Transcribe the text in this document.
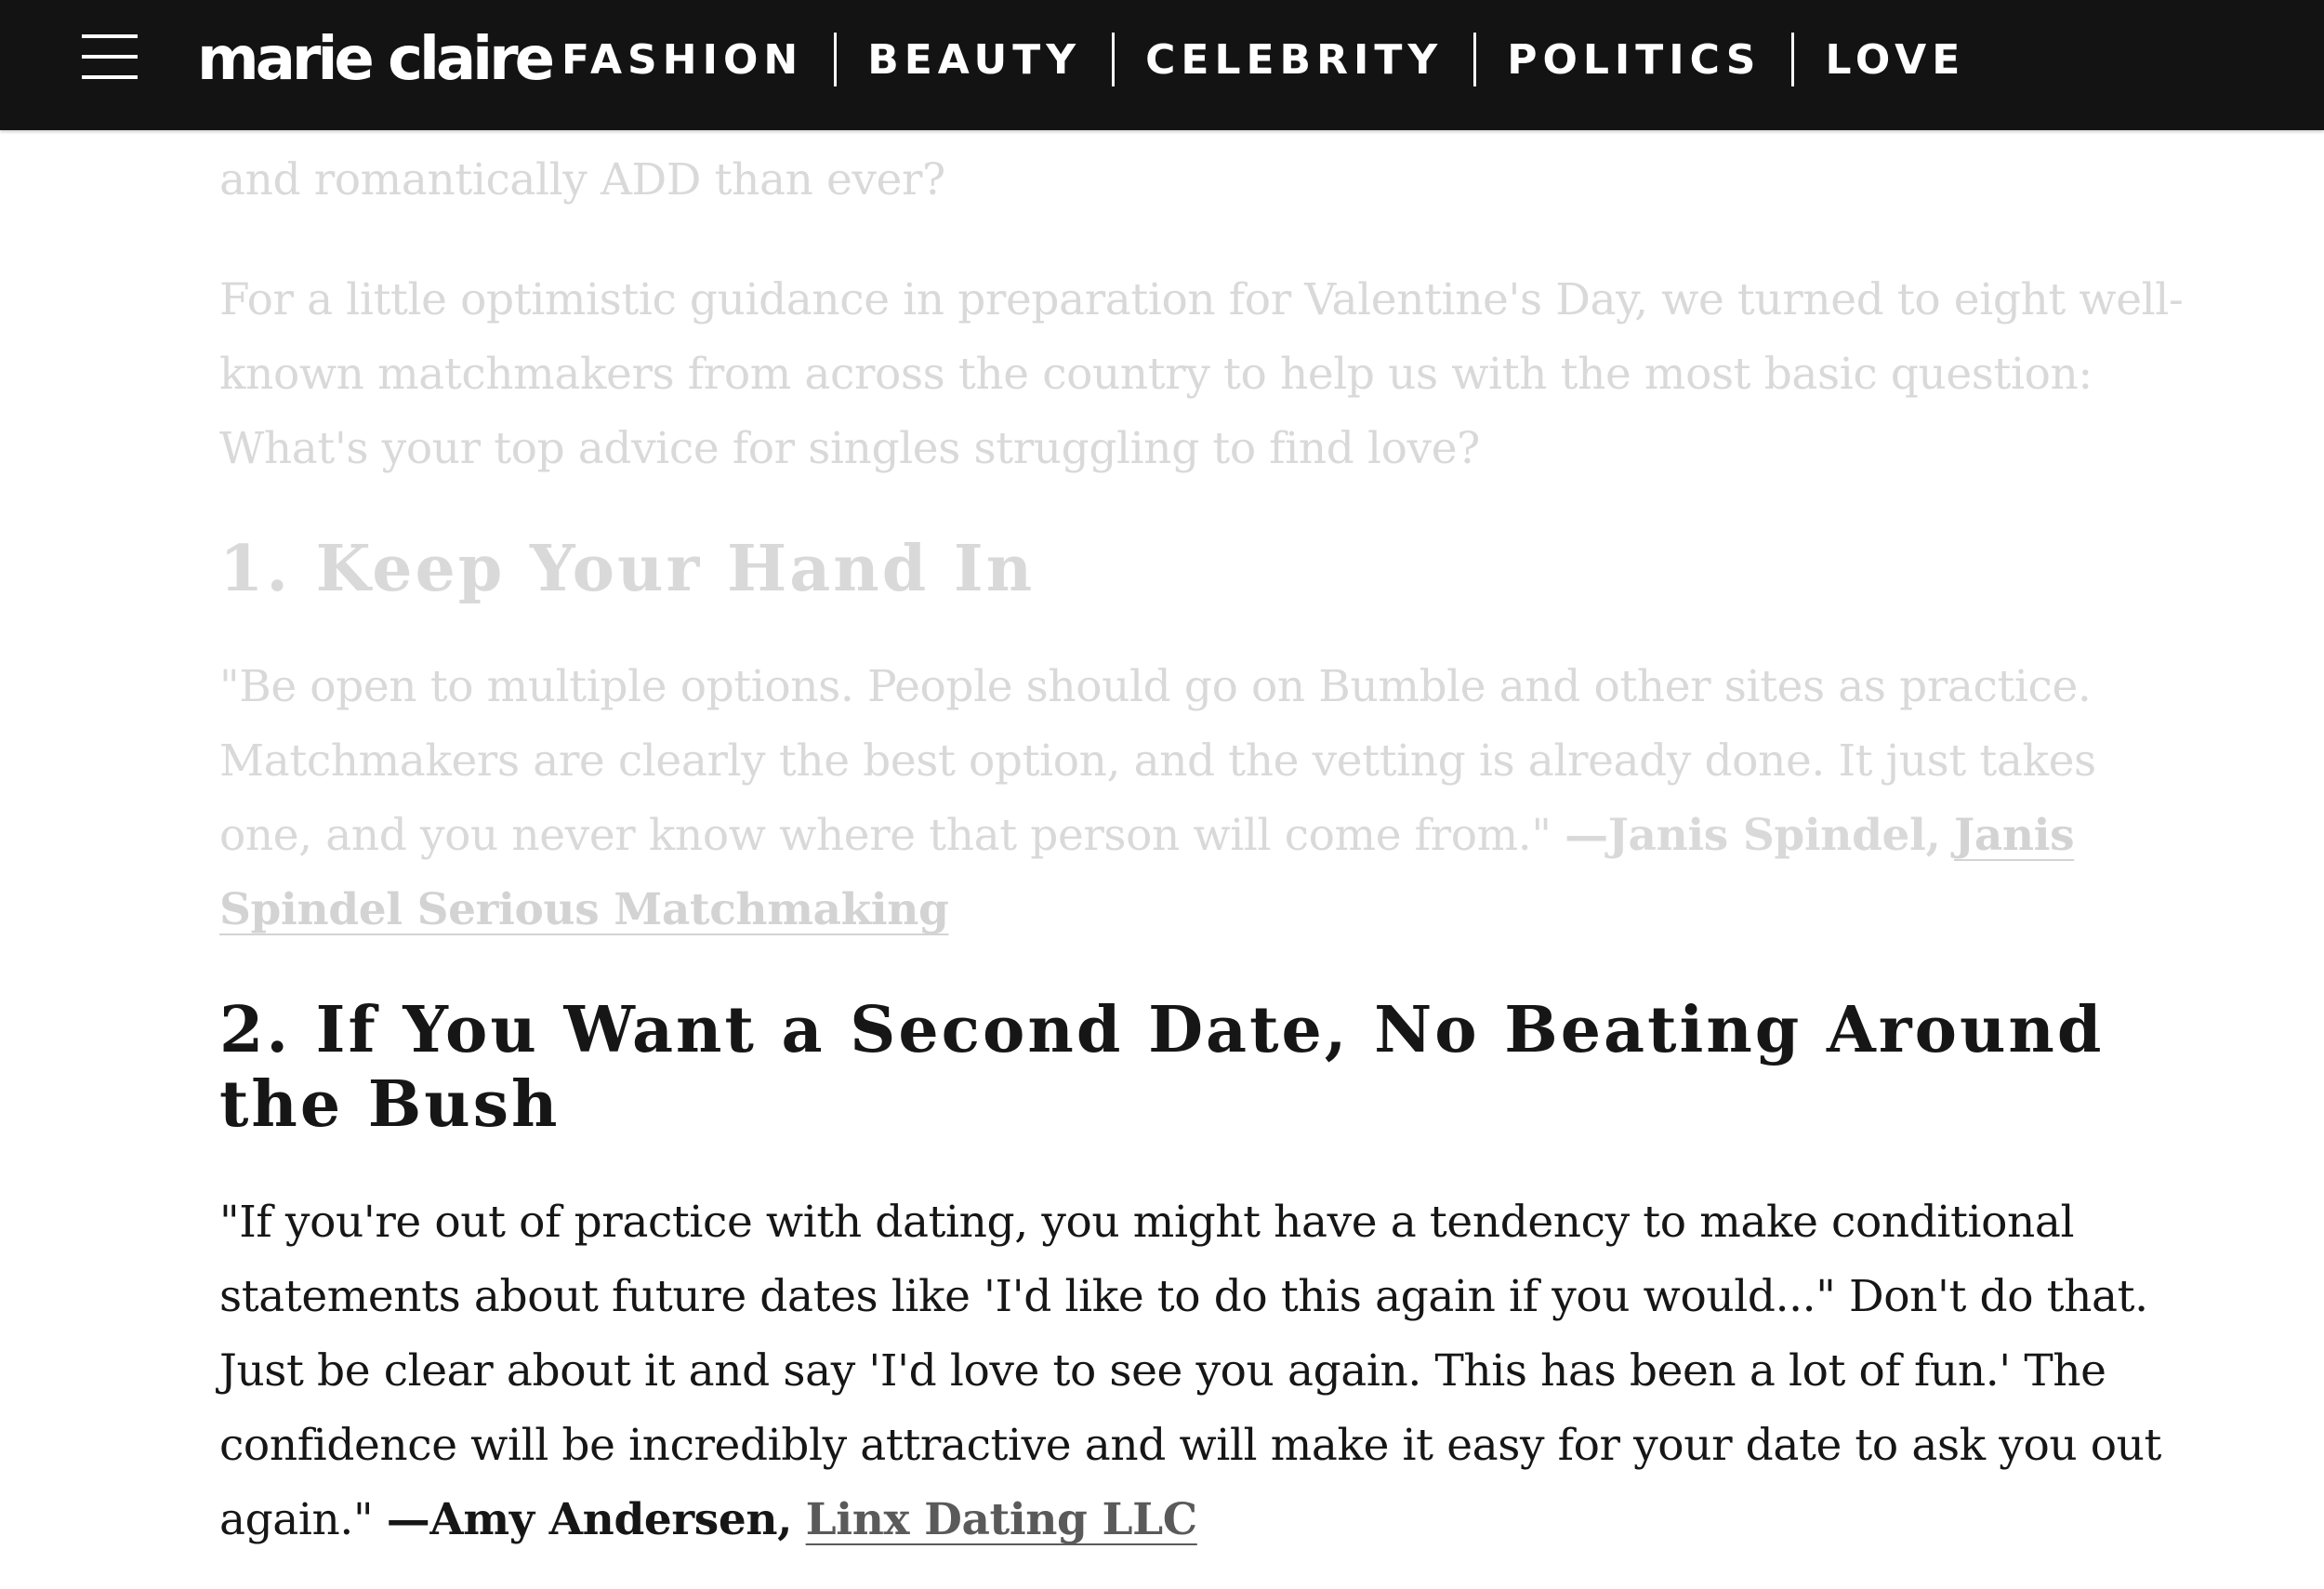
marie claire FASHION BEAUTY CELEBRITY POLITICS LOVE

and romantically ADD than ever?

For a little optimistic guidance in preparation for Valentine's Day, we turned to eight well-known matchmakers from across the country to help us with the most basic question: What's your top advice for singles struggling to find love?

1. Keep Your Hand In

"Be open to multiple options. People should go on Bumble and other sites as practice. Matchmakers are clearly the best option, and the vetting is already done. It just takes one, and you never know where that person will come from." —Janis Spindel, Janis Spindel Serious Matchmaking

2. If You Want a Second Date, No Beating Around the Bush

"If you're out of practice with dating, you might have a tendency to make conditional statements about future dates like 'I'd like to do this again if you would..." Don't do that. Just be clear about it and say 'I'd love to see you again. This has been a lot of fun.' The confidence will be incredibly attractive and will make it easy for your date to ask you out again." —Amy Andersen, Linx Dating LLC
